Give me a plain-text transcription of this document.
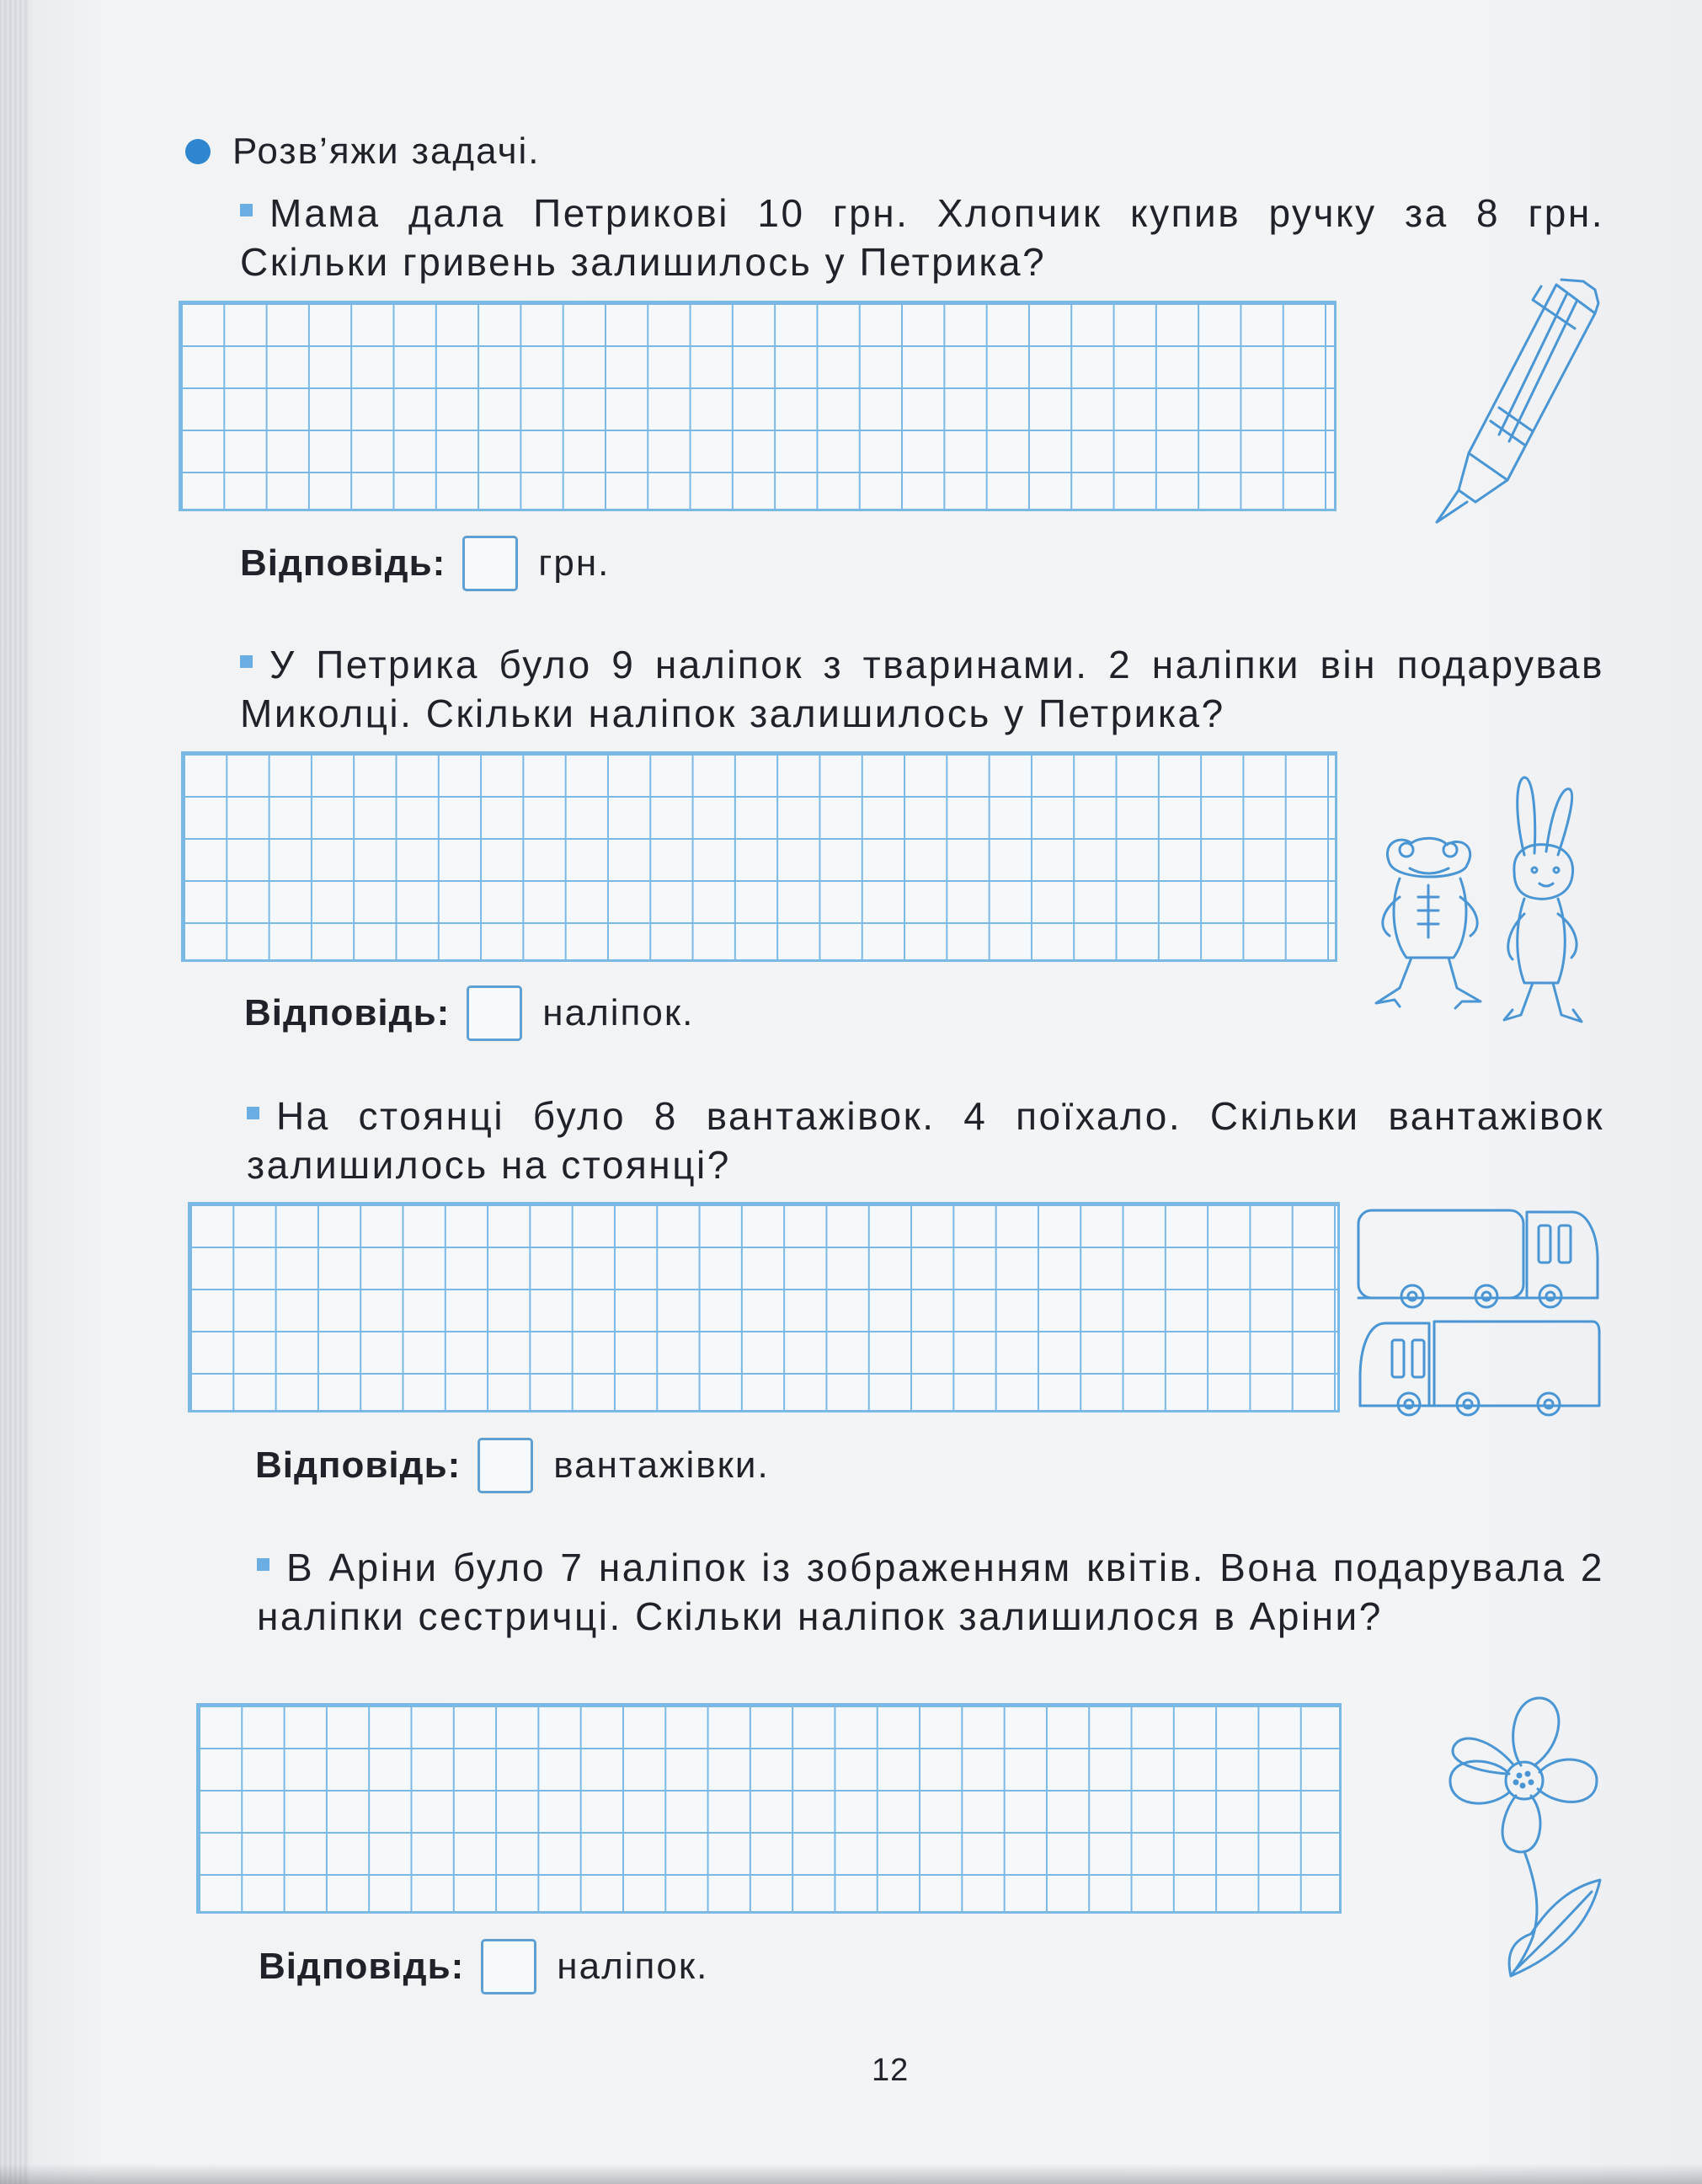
Розв’яжи задачі.
Мама дала Петрикові 10 грн. Хлопчик купив ручку за 8 грн. Скільки гривень залишилось у Петрика?
Відповідь:	грн.
У Петрика було 9 наліпок з тваринами. 2 наліпки він подарував Миколці. Скільки наліпок залишилось у Петрика?
Відповідь:	наліпок.
На стоянці було 8 вантажівок. 4 поїхало. Скільки вантажівок залишилось на стоянці?
Відповідь:	вантажівки.
В Аріни було 7 наліпок із зображенням квітів. Вона подарувала 2 наліпки сестричці. Скільки наліпок залишилося в Аріни?
Відповідь:	наліпок.
12
